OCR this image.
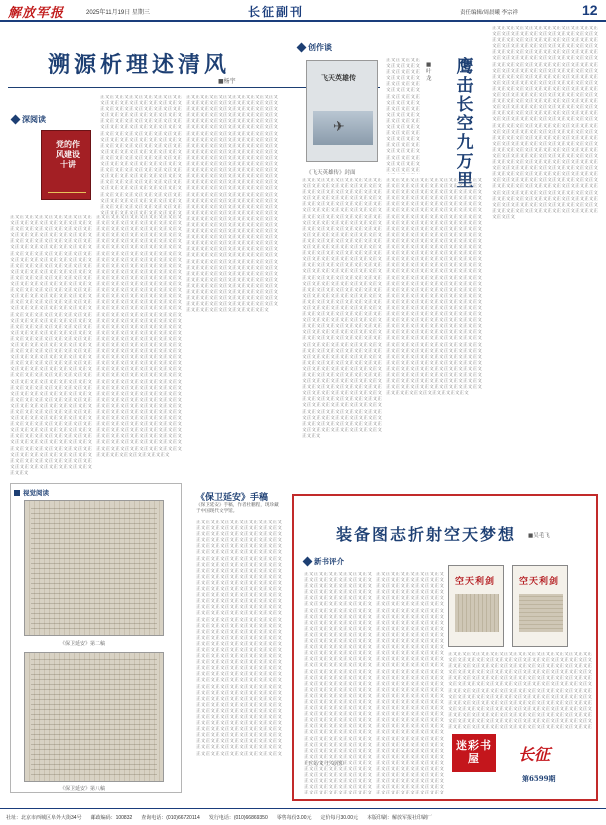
解放军报	2025年11月19日 星期三	长征副刊	责任编辑/周晨曦 李宗祥	12
溯源析理述清风
■杨宇
深阅读
党的作风建设十讲
正文正文正文正文正文正文正文正文正文正文正文正文正文正文正文正文正文正文正文正文正文正文正文正文正文正文正文正文正文正文正文正文正文正文正文正文正文正文正文正文正文正文正文正文正文正文正文正文正文正文正文正文正文正文正文正文正文正文正文正文正文正文正文正文正文正文正文正文正文正文正文正文正文正文正文正文正文正文正文正文正文正文正文正文正文正文正文正文正文正文正文正文正文正文正文正文正文正文正文正文正文正文正文正文正文正文正文正文正文正文正文正文正文正文正文正文正文正文正文正文正文正文正文正文正文正文正文正文正文正文正文正文正文正文正文正文正文正文正文正文正文正文正文正文正文正文正文正文正文正文正文正文正文正文正文正文正文正文正文正文正文正文正文正文正文正文正文正文正文正文正文正文正文正文正文正文正文正文正文正文正文正文正文正文正文正文正文正文正文正文正文正文正文正文正文正文正文正文正文正文正文正文正文正文正文正文正文正文正文正文正文正文正文正文正文正文正文正文正文正文正文正文正文正文正文正文正文正文正文正文正文正文正文正文正文正文正文正文正文正文正文正文正文正文正文正文正文正文正文正文正文正文正文正文正文正文正文正文正文正文正文正文正文正文正文正文正文正文正文正文正文正文正文正文正文正文正文正文正文正文正文正文正文正文正文正文正文正文正文正文正文正文正文正文正文正文正文正文正文正文正文正文正文正文正文正文正文正文正文正文正文正文正文正文正文正文正文正文正文正文正文正文正文正文正文正文正文正文正文正文正文正文正文正文正文正文正文正文正文正文正文正文正文正文正文正文正文正文正文正文正文正文正文正文正文正文正文正文正文
正文正文正文正文正文正文正文正文正文正文正文正文正文正文正文正文正文正文正文正文正文正文正文正文正文正文正文正文正文正文正文正文正文正文正文正文正文正文正文正文正文正文正文正文正文正文正文正文正文正文正文正文正文正文正文正文正文正文正文正文正文正文正文正文正文正文正文正文正文正文正文正文正文正文正文正文正文正文正文正文正文正文正文正文正文正文正文正文正文正文正文正文正文正文正文正文正文正文正文正文正文正文正文正文正文正文正文正文正文正文正文正文正文正文正文正文正文正文正文正文正文正文正文正文正文正文正文正文正文正文正文正文正文正文正文正文正文正文正文正文正文正文正文正文正文正文正文正文正文正文正文正文正文正文正文正文正文正文正文正文正文正文正文正文正文正文正文正文正文正文正文正文正文正文正文正文正文正文正文正文正文正文正文正文正文正文正文正文正文正文正文正文正文正文正文正文正文正文正文正文正文正文正文正文正文正文正文正文正文正文正文正文正文正文正文正文正文正文正文正文正文正文正文正文正文正文正文正文正文正文正文正文正文正文正文正文正文正文正文正文正文正文正文正文正文正文正文正文正文正文正文正文正文正文正文正文正文正文正文正文正文正文正文正文正文正文正文正文正文正文正文正文正文正文正文正文正文正文正文正文正文正文正文正文正文正文正文正文正文正文正文正文正文正文正文正文正文正文正文正文正文正文正文正文正文正文正文正文正文正文正文正文正文正文正文正文正文正文正文正文正文正文正文正文正文正文正文正文正文正文正文正文正文正文正文正文正文正文正文正文正文正文正文正文正文正文正文正文正文正文正文正文正文正文正文正文正文正文正文
正文正文正文正文正文正文正文正文正文正文正文正文正文正文正文正文正文正文正文正文正文正文正文正文正文正文正文正文正文正文正文正文正文正文正文正文正文正文正文正文正文正文正文正文正文正文正文正文正文正文正文正文正文正文正文正文正文正文正文正文正文正文正文正文正文正文正文正文正文正文正文正文正文正文正文正文正文正文正文正文正文正文正文正文正文正文正文正文正文正文正文正文正文正文正文正文正文正文正文正文正文正文正文正文正文正文正文正文正文正文正文正文正文正文正文正文正文正文正文正文正文正文正文正文正文正文正文正文正文正文正文正文正文正文正文正文正文正文正文正文正文正文正文正文正文正文正文正文正文正文正文正文正文正文正文正文正文正文正文正文正文正文正文正文正文正文正文正文正文正文正文正文正文正文正文正文正文正文正文正文正文正文正文正文正文正文正文正文正文正文正文正文正文正文正文正文正文正文正文正文正文正文正文正文正文正文正文正文正文正文正文正文正文正文正文正文正文正文正文正文正文正文正文正文正文正文正文正文正文正文正文正文正文正文正文正文正文正文正文正文正文正文正文正文正文正文正文正文正文正文正文正文正文正文正文正文正文正文正文正文正文正文正文正文正文正文正文正文正文正文正文正文正文正文正文正文正文正文正文正文正文正文正文正文正文正文正文正文正文正文正文正文正文正文正文正文正文正文正文正文正文正文正文正文正文正文正文正文正文正文正文正文正文正文正文正文正文正文正文正文正文正文正文正文正文正文正文正文正文正文正文正文正文正文正文正文正文正文正文正文正文正文正文正文正文正文正文正文正文正文正文正文正文正文正文正文正文正文正文
正文正文正文正文正文正文正文正文正文正文正文正文正文正文正文正文正文正文正文正文正文正文正文正文正文正文正文正文正文正文正文正文正文正文正文正文正文正文正文正文正文正文正文正文正文正文正文正文正文正文正文正文正文正文正文正文正文正文正文正文正文正文正文正文正文正文正文正文正文正文正文正文正文正文正文正文正文正文正文正文正文正文正文正文正文正文正文正文正文正文正文正文正文正文正文正文正文正文正文正文正文正文正文正文正文正文正文正文正文正文正文正文正文正文正文正文正文正文正文正文正文正文正文正文正文正文正文正文正文正文正文正文正文正文正文正文正文正文正文正文正文正文正文正文正文正文正文正文正文正文正文正文正文正文正文正文正文正文正文正文正文正文正文正文正文正文正文正文正文正文正文正文正文正文正文正文正文正文正文正文正文正文正文正文正文正文正文正文正文正文正文正文正文正文正文正文正文正文正文正文正文正文正文正文正文正文正文正文正文正文正文正文正文正文正文正文正文正文正文正文正文正文正文正文正文正文正文正文正文正文正文正文正文正文正文正文正文正文正文正文正文正文正文正文正文正文正文正文正文正文正文正文正文正文正文正文正文正文正文正文正文正文正文正文正文正文正文正文正文正文正文正文正文正文正文正文正文正文正文正文正文正文正文正文正文正文正文正文正文正文正文正文正文正文正文正文正文正文正文正文正文正文正文正文正文正文正文正文正文正文正文正文正文正文正文正文正文正文正文正文正文正文正文正文正文正文正文正文正文正文正文正文正文正文正文正文正文正文正文正文正文正文正文正文正文正文正文正文正文正文正文正文正文正文正文正文正文正文正文
创作谈
飞天英雄传
✈
《飞天英雄传》封面
鹰击长空九万里
■叶龙
正文正文正文正文正文正文正文正文正文正文正文正文正文正文正文正文正文正文正文正文正文正文正文正文正文正文正文正文正文正文正文正文正文正文正文正文正文正文正文正文正文正文正文正文正文正文正文正文正文正文正文正文正文正文正文正文正文正文正文正文正文正文正文正文正文正文正文正文正文正文正文正文正文正文正文正文正文正文正文正文正文正文正文正文正文正文正文正文正文正文正文正文正文正文正文正文正文正文正文正文正文正文正文正文正文正文正文正文正文正文正文正文正文正文正文正文正文正文正文正文正文正文正文正文正文正文正文正文正文正文正文正文正文正文正文正文正文正文正文正文正文正文正文正文正文正文正文正文正文正文正文正文正文正文正文正文正文正文正文正文正文正文正文正文正文正文正文正文正文正文正文正文正文正文正文正文正文正文正文正文正文正文正文正文正文正文正文正文正文正文正文正文正文正文正文正文正文正文正文正文正文正文正文正文正文正文正文正文正文正文正文正文正文正文正文正文正文正文正文正文正文正文正文正文正文正文正文正文正文正文正文正文正文正文正文正文正文正文正文正文正文正文正文正文正文正文正文正文正文正文正文正文正文正文正文正文正文正文正文正文正文正文正文正文正文正文正文正文正文正文正文正文正文正文正文正文正文正文正文正文正文正文正文正文正文正文正文正文正文正文正文正文正文正文正文正文正文正文正文正文正文正文正文正文正文正文正文正文正文正文正文正文正文正文正文正文正文正文正文正文正文正文正文正文正文正文正文正文正文正文正文正文正文正文正文正文正文正文正文正文正文正文正文正文正文正文正文正文正文正文正文正文正文正文正文正文正文正文正文
正文正文正文正文正文正文正文正文正文正文正文正文正文正文正文正文正文正文正文正文正文正文正文正文正文正文正文正文正文正文正文正文正文正文正文正文正文正文正文正文正文正文正文正文正文正文正文正文正文正文正文正文正文正文正文正文正文正文正文正文正文正文正文正文正文正文正文正文正文正文正文正文正文正文正文正文正文正文正文正文正文正文正文正文正文正文正文正文正文正文正文正文正文正文正文正文正文正文正文正文正文正文正文正文正文正文正文正文正文正文正文正文正文正文正文正文正文正文正文正文正文正文正文正文正文正文正文正文正文正文正文正文正文正文正文正文正文正文正文正文正文正文正文正文正文正文正文正文正文正文正文正文正文正文正文正文正文正文正文正文正文正文正文正文正文正文正文正文正文正文正文正文正文正文正文正文正文正文正文正文正文正文正文正文正文正文正文正文正文正文正文正文正文正文正文正文正文正文正文正文正文正文正文正文正文正文正文正文正文正文正文正文正文正文正文正文正文正文正文正文正文正文正文正文正文正文正文正文正文正文正文正文正文正文正文正文正文正文正文正文正文正文正文正文正文正文正文正文正文正文正文正文正文正文正文正文正文正文正文正文正文正文正文正文正文正文正文正文正文正文正文正文正文正文正文正文正文正文正文正文正文正文正文正文正文正文正文正文正文正文正文正文正文正文正文正文正文正文正文正文正文正文正文正文正文正文正文正文正文正文正文正文正文正文正文正文正文正文正文正文正文正文正文正文正文正文正文正文正文正文正文正文正文正文正文正文正文正文正文正文正文正文正文正文正文正文正文正文正文正文正文正文正文正文正文正文正文正文正文
正文正文正文正文正文正文正文正文正文正文正文正文正文正文正文正文正文正文正文正文正文正文正文正文正文正文正文正文正文正文正文正文正文正文正文正文正文正文正文正文正文正文正文正文正文正文正文正文正文正文正文正文正文正文正文正文正文正文正文正文正文正文正文正文正文正文正文正文正文正文正文正文正文正文正文正文正文正文正文正文正文正文正文正文正文正文正文正文正文正文正文正文正文正文正文正文正文正文正文正文正文正文正文正文正文正文正文正文正文正文正文正文正文正文正文正文正文正文正文正文正文正文正文正文正文正文正文正文正文正文正文正文正文正文正文正文正文正文正文正文正文正文正文正文正文正文正文正文正文正文正文正文正文正文正文正文正文正文正文正文正文正文正文正文正文正文正文正文正文正文正文正文正文正文正文正文正文正文正文正文正文正文正文正文正文正文正文正文正文正文正文正文正文正文正文正文正文正文正文正文正文正文正文正文正文正文正文正文正文正文正文正文正文正文正文正文正文正文正文正文正文正文正文正文正文正文正文正文正文正文正文正文正文正文正文正文正文正文正文正文正文正文正文正文正文正文正文正文正文正文正文正文正文正文正文正文正文正文正文正文正文正文正文正文正文正文正文正文正文正文正文正文正文正文正文正文正文正文正文正文正文正文正文正文正文正文正文正文正文正文正文正文正文正文正文正文正文正文正文正文正文正文正文正文正文正文正文正文正文正文正文正文正文正文正文正文正文正文正文正文正文正文正文正文正文正文正文正文正文正文正文正文正文正文正文正文正文正文正文正文正文正文正文正文正文正文正文正文正文正文正文正文正文正文正文正文正文正文正文
正文正文正文正文正文正文正文正文正文正文正文正文正文正文正文正文正文正文正文正文正文正文正文正文正文正文正文正文正文正文正文正文正文正文正文正文正文正文正文正文正文正文正文正文正文正文正文正文正文正文正文正文正文正文正文正文正文正文正文正文正文正文正文正文正文正文正文正文正文正文正文正文正文正文正文正文正文正文正文正文正文正文正文正文正文正文正文正文正文正文正文正文正文正文正文正文正文正文正文正文正文正文正文正文正文正文正文正文正文正文正文正文正文正文正文正文正文正文正文正文正文正文正文正文正文正文正文正文正文正文正文正文正文正文正文正文正文正文正文正文正文正文正文正文正文正文正文正文正文正文正文正文正文正文正文正文正文正文正文正文正文正文正文正文正文正文正文正文正文正文正文正文正文正文正文正文正文正文正文正文正文正文正文正文正文正文正文正文正文正文正文正文正文正文正文正文正文正文正文正文正文正文正文正文正文正文正文正文正文正文正文正文正文正文正文正文正文正文正文正文正文正文正文正文正文正文正文正文正文正文正文正文正文正文正文正文正文正文正文正文正文正文正文正文正文正文正文正文正文正文正文正文正文正文正文正文正文正文正文正文正文正文正文正文正文正文正文正文正文正文正文正文正文正文正文正文正文正文正文正文正文正文正文正文正文正文正文正文正文正文正文正文正文正文正文正文正文正文正文正文正文正文正文正文正文正文正文正文正文正文正文正文正文正文正文正文正文正文正文正文正文正文正文正文正文正文正文正文正文正文正文正文正文正文正文正文正文正文正文正文正文正文正文正文正文正文正文正文正文正文正文正文正文正文正文正文正文正文正文
视觉阅读
《保卫延安》第二稿
《保卫延安》第八稿
《保卫延安》手稿
《保卫延安》手稿，作者杜鹏程，现珍藏于中国现代文学馆。
正文正文正文正文正文正文正文正文正文正文正文正文正文正文正文正文正文正文正文正文正文正文正文正文正文正文正文正文正文正文正文正文正文正文正文正文正文正文正文正文正文正文正文正文正文正文正文正文正文正文正文正文正文正文正文正文正文正文正文正文正文正文正文正文正文正文正文正文正文正文正文正文正文正文正文正文正文正文正文正文正文正文正文正文正文正文正文正文正文正文正文正文正文正文正文正文正文正文正文正文正文正文正文正文正文正文正文正文正文正文正文正文正文正文正文正文正文正文正文正文正文正文正文正文正文正文正文正文正文正文正文正文正文正文正文正文正文正文正文正文正文正文正文正文正文正文正文正文正文正文正文正文正文正文正文正文正文正文正文正文正文正文正文正文正文正文正文正文正文正文正文正文正文正文正文正文正文正文正文正文正文正文正文正文正文正文正文正文正文正文正文正文正文正文正文正文正文正文正文正文正文正文正文正文正文正文正文正文正文正文正文正文正文正文正文正文正文正文正文正文正文正文正文正文正文正文正文正文正文正文正文正文正文正文正文正文正文正文正文正文正文正文正文正文正文正文正文正文正文正文正文正文正文正文正文正文正文正文正文正文正文正文正文正文正文正文正文正文正文正文正文正文正文正文正文正文正文正文正文正文正文正文正文正文正文正文正文正文正文正文正文正文正文正文正文正文正文正文正文正文正文正文正文正文正文正文正文正文正文正文正文正文正文正文正文正文正文正文正文正文正文正文正文正文正文正文正文正文正文正文正文正文正文正文正文正文正文正文正文正文正文正文正文正文正文正文正文正文正文正文正文正文正文正文正文正文正文正文正文
（王文/文 王文/图）
装备图志折射空天梦想 ■吴毛飞
新书评介
空天利剑	空天利剑
正文正文正文正文正文正文正文正文正文正文正文正文正文正文正文正文正文正文正文正文正文正文正文正文正文正文正文正文正文正文正文正文正文正文正文正文正文正文正文正文正文正文正文正文正文正文正文正文正文正文正文正文正文正文正文正文正文正文正文正文正文正文正文正文正文正文正文正文正文正文正文正文正文正文正文正文正文正文正文正文正文正文正文正文正文正文正文正文正文正文正文正文正文正文正文正文正文正文正文正文正文正文正文正文正文正文正文正文正文正文正文正文正文正文正文正文正文正文正文正文正文正文正文正文正文正文正文正文正文正文正文正文正文正文正文正文正文正文正文正文正文正文正文正文正文正文正文正文正文正文正文正文正文正文正文正文正文正文正文正文正文正文正文正文正文正文正文正文正文正文正文正文正文正文正文正文正文正文正文正文正文正文正文正文正文正文正文正文正文正文正文正文正文正文正文正文正文正文正文正文正文正文正文正文正文正文正文正文正文正文正文正文正文正文正文正文正文正文正文正文正文正文正文正文正文正文正文正文正文正文正文正文正文正文正文正文正文正文正文正文正文正文正文正文正文正文正文正文正文正文正文正文正文正文正文正文正文正文正文正文正文正文正文正文正文正文正文正文正文正文正文正文正文正文正文正文正文正文正文正文正文正文正文正文正文正文正文正文正文正文正文正文正文正文正文正文正文正文正文正文正文正文正文正文正文正文正文正文正文正文正文正文正文正文正文正文正文正文正文正文正文正文正文正文正文正文正文正文正文正文正文正文正文正文正文正文正文正文正文正文正文正文正文正文正文正文正文正文正文正文正文正文正文正文正文正文正文正文正文
正文正文正文正文正文正文正文正文正文正文正文正文正文正文正文正文正文正文正文正文正文正文正文正文正文正文正文正文正文正文正文正文正文正文正文正文正文正文正文正文正文正文正文正文正文正文正文正文正文正文正文正文正文正文正文正文正文正文正文正文正文正文正文正文正文正文正文正文正文正文正文正文正文正文正文正文正文正文正文正文正文正文正文正文正文正文正文正文正文正文正文正文正文正文正文正文正文正文正文正文正文正文正文正文正文正文正文正文正文正文正文正文正文正文正文正文正文正文正文正文正文正文正文正文正文正文正文正文正文正文正文正文正文正文正文正文正文正文正文正文正文正文正文正文正文正文正文正文正文正文正文正文正文正文正文正文正文正文正文正文正文正文正文正文正文正文正文正文正文正文正文正文正文正文正文正文正文正文正文正文正文正文正文正文正文正文正文正文正文正文正文正文正文正文正文正文正文正文正文正文正文正文正文正文正文正文正文正文正文正文正文正文正文正文正文正文正文正文正文正文正文正文正文正文正文正文正文正文正文正文正文正文正文正文正文正文正文正文正文正文正文正文正文正文正文正文正文正文正文正文正文正文正文正文正文正文正文正文正文正文正文正文正文正文正文正文正文正文正文正文正文正文正文正文正文正文正文正文正文正文正文正文正文正文正文正文正文正文正文正文正文正文正文正文正文正文正文正文正文正文正文正文正文正文正文正文正文正文正文正文正文正文正文正文正文正文正文正文正文正文正文正文正文正文正文正文正文正文正文正文正文正文正文正文正文正文正文正文正文正文正文正文正文正文正文正文正文正文正文正文正文正文正文正文正文正文正文正文正文
正文正文正文正文正文正文正文正文正文正文正文正文正文正文正文正文正文正文正文正文正文正文正文正文正文正文正文正文正文正文正文正文正文正文正文正文正文正文正文正文正文正文正文正文正文正文正文正文正文正文正文正文正文正文正文正文正文正文正文正文正文正文正文正文正文正文正文正文正文正文正文正文正文正文正文正文正文正文正文正文正文正文正文正文正文正文正文正文正文正文正文正文正文正文正文正文正文正文正文正文正文正文正文正文正文正文正文正文正文正文正文正文正文正文正文正文正文正文正文正文正文正文正文正文正文正文正文正文正文正文正文正文正文正文正文正文正文正文正文正文正文正文正文正文正文正文正文正文正文正文正文正文正文正文正文正文正文正文正文正文正文正文正文正文正文正文正文正文正文正文正文正文正文正文正文正文正文正文正文正文正文正文正文正文正文正文正文正文正文正文正文正文正文正文正文正文正文正文正文正文正文正文正文正文正文正文正文正文正文正文正文正文正文正文正文正文正文正文正文正文正文正文正文正文正文正文正文正文正文正文正文正文正文正文正文正文正文正文正文正文正文正文正文正文正文正文正文正文正文正文正文正文正文正文正文正文正文正文正文正文正文正文正文正文正文正文正文正文正文正文正文正文正文正文正文正文正文正文正文正文正文正文正文正文正文正文正文正文正文正文正文正文正文正文正文正文正文正文正文正文正文正文正文正文正文正文正文正文正文正文正文正文正文正文正文正文正文正文正文正文正文正文正文正文正文正文正文正文正文正文正文正文正文正文正文正文正文正文正文正文正文正文正文正文正文正文正文正文正文正文正文正文正文正文正文正文正文正文正文
迷彩书屋	长征
第6599期
社址：北京市西城区阜外大街34号 邮政编码：100832 查询电话：(010)66720114 发行电话：(010)66869350 零售每份3.00元 定价每月30.00元 本版印刷：解放军报社印刷厂
